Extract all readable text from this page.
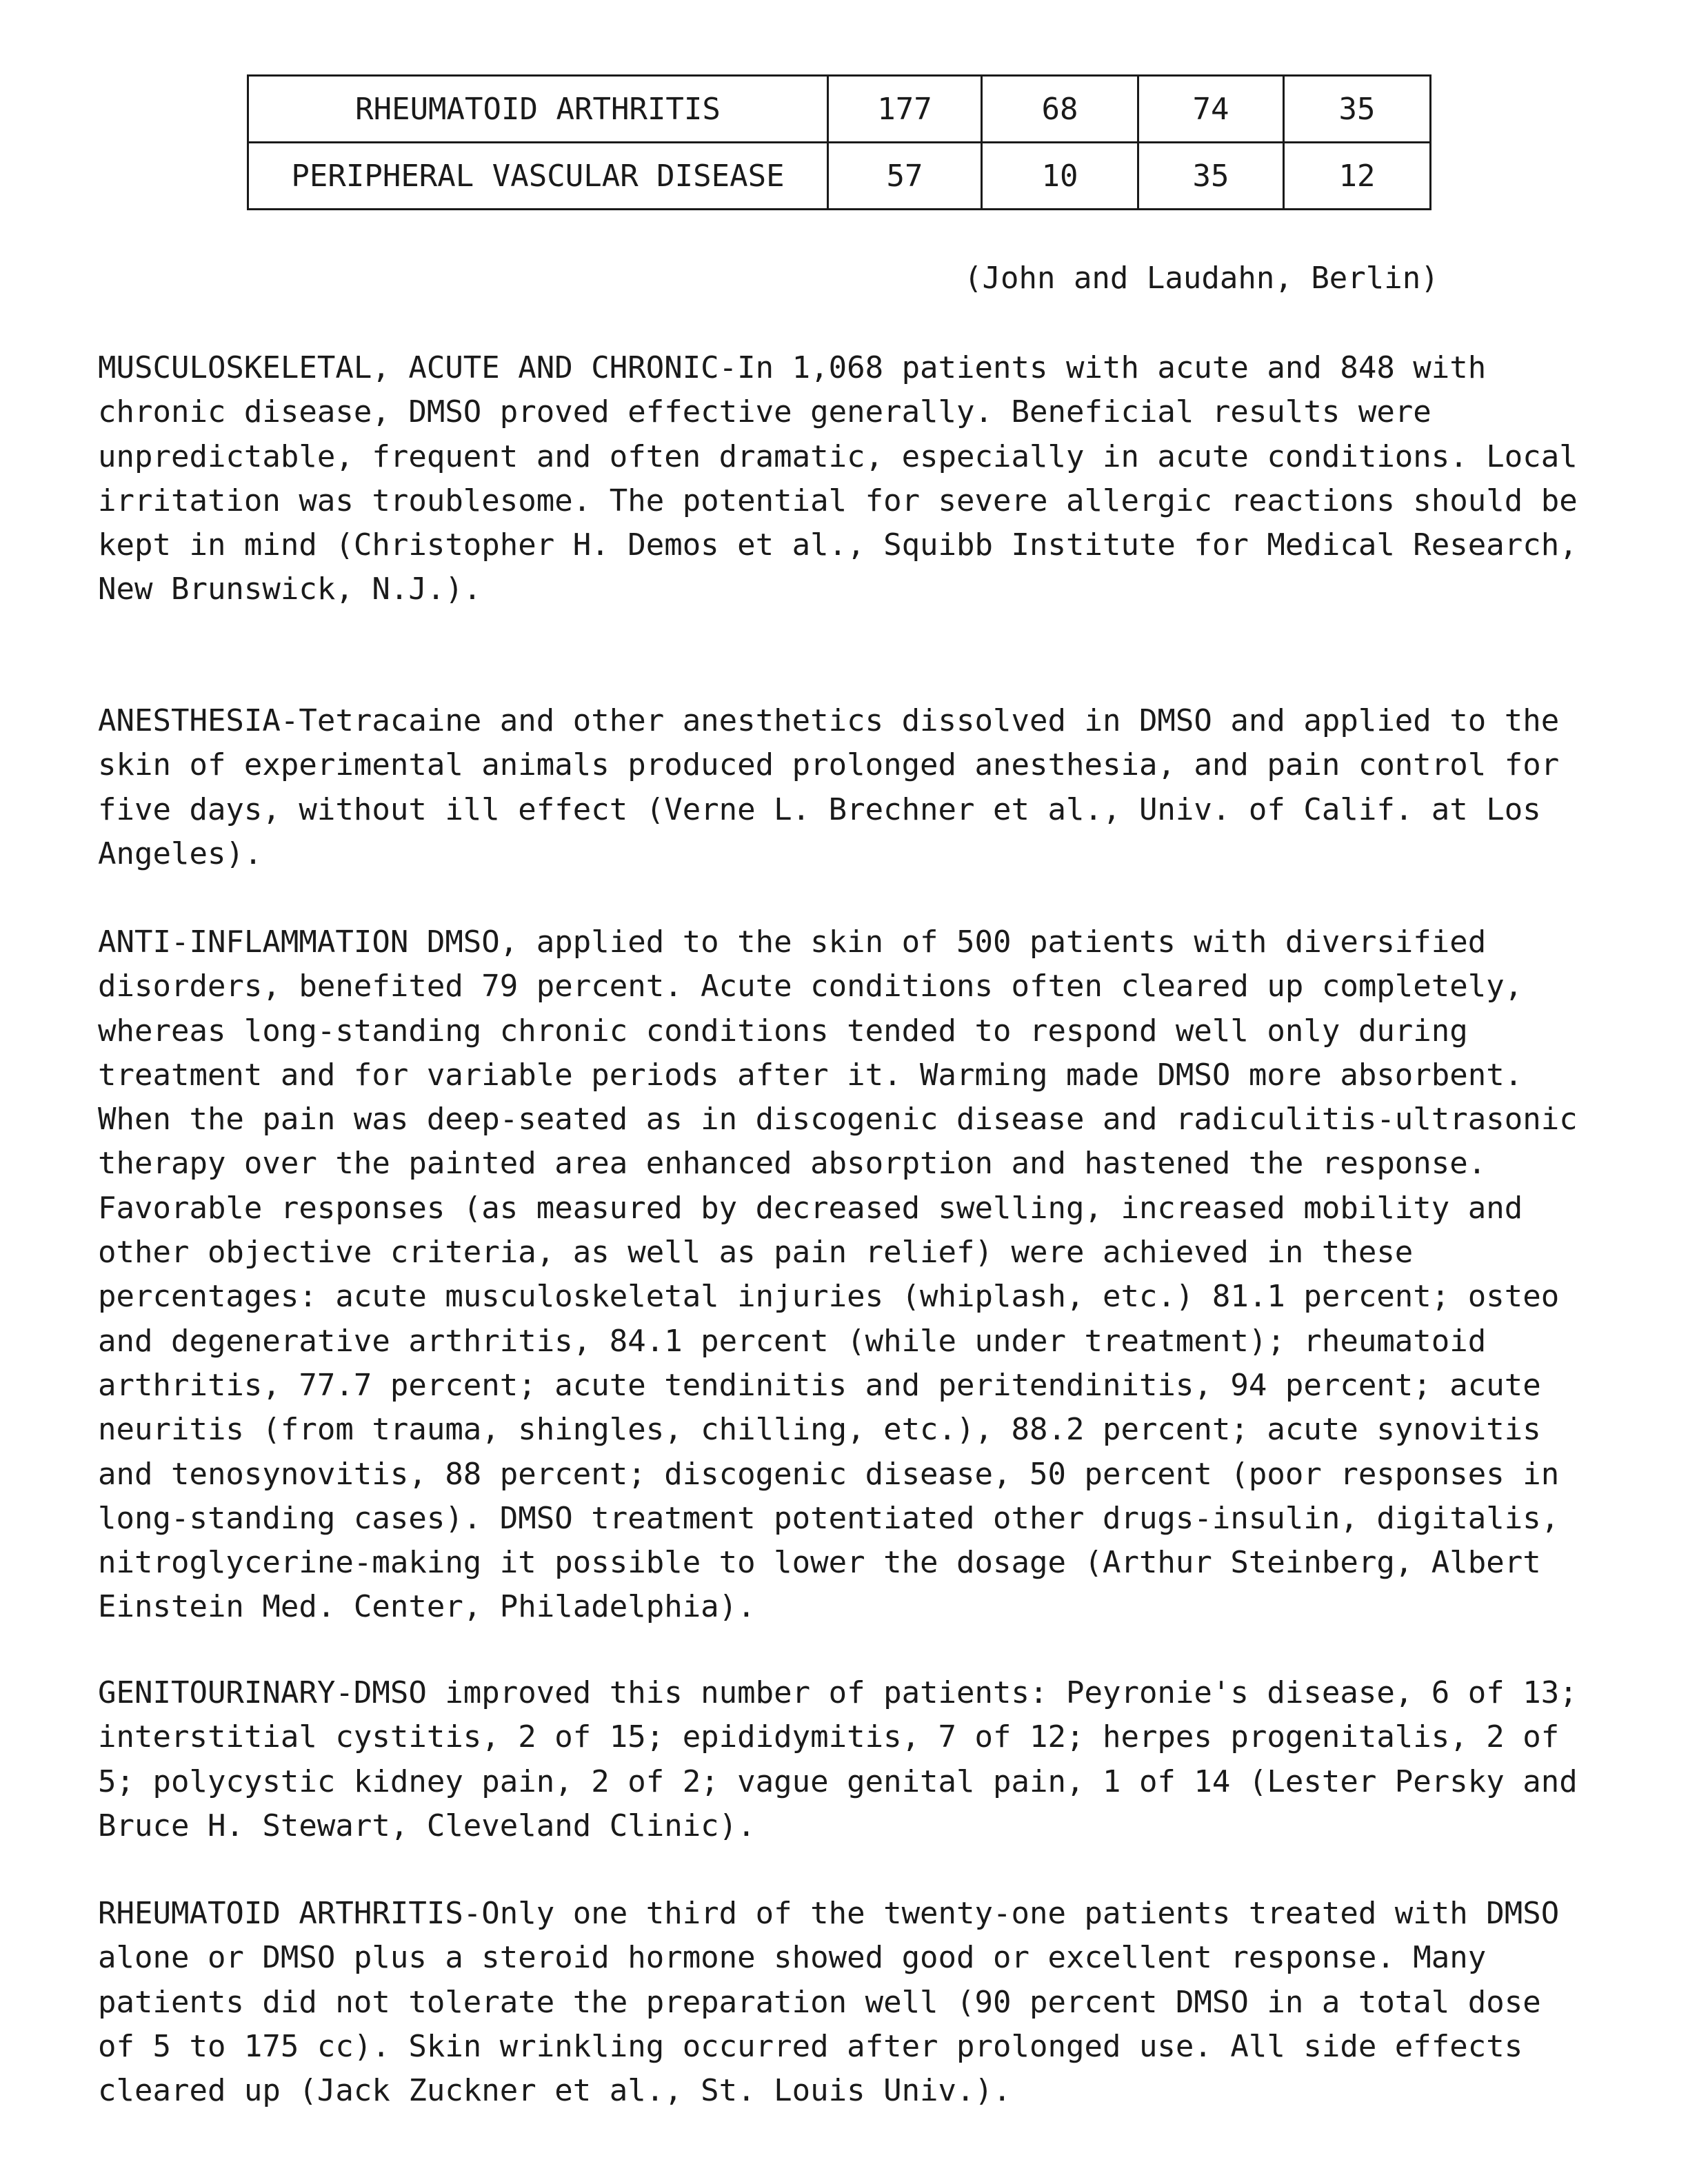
RHEUMATOID ARTHRITIS	177	68	74	35
PERIPHERAL VASCULAR DISEASE	57	10	35	12
(John and Laudahn, Berlin)

MUSCULOSKELETAL, ACUTE AND CHRONIC-In 1,068 patients with acute and 848 with
chronic disease, DMSO proved effective generally. Beneficial results were
unpredictable, frequent and often dramatic, especially in acute conditions. Local
irritation was troublesome. The potential for severe allergic reactions should be
kept in mind (Christopher H. Demos et al., Squibb Institute for Medical Research,
New Brunswick, N.J.).

ANESTHESIA-Tetracaine and other anesthetics dissolved in DMSO and applied to the
skin of experimental animals produced prolonged anesthesia, and pain control for
five days, without ill effect (Verne L. Brechner et al., Univ. of Calif. at Los
Angeles).

ANTI-INFLAMMATION DMSO, applied to the skin of 500 patients with diversified
disorders, benefited 79 percent. Acute conditions often cleared up completely,
whereas long-standing chronic conditions tended to respond well only during
treatment and for variable periods after it. Warming made DMSO more absorbent.
When the pain was deep-seated as in discogenic disease and radiculitis-ultrasonic
therapy over the painted area enhanced absorption and hastened the response.
Favorable responses (as measured by decreased swelling, increased mobility and
other objective criteria, as well as pain relief) were achieved in these
percentages: acute musculoskeletal injuries (whiplash, etc.) 81.1 percent; osteo
and degenerative arthritis, 84.1 percent (while under treatment); rheumatoid
arthritis, 77.7 percent; acute tendinitis and peritendinitis, 94 percent; acute
neuritis (from trauma, shingles, chilling, etc.), 88.2 percent; acute synovitis
and tenosynovitis, 88 percent; discogenic disease, 50 percent (poor responses in
long-standing cases). DMSO treatment potentiated other drugs-insulin, digitalis,
nitroglycerine-making it possible to lower the dosage (Arthur Steinberg, Albert
Einstein Med. Center, Philadelphia).

GENITOURINARY-DMSO improved this number of patients: Peyronie's disease, 6 of 13;
interstitial cystitis, 2 of 15; epididymitis, 7 of 12; herpes progenitalis, 2 of
5; polycystic kidney pain, 2 of 2; vague genital pain, 1 of 14 (Lester Persky and
Bruce H. Stewart, Cleveland Clinic).

RHEUMATOID ARTHRITIS-Only one third of the twenty-one patients treated with DMSO
alone or DMSO plus a steroid hormone showed good or excellent response. Many
patients did not tolerate the preparation well (90 percent DMSO in a total dose
of 5 to 175 cc). Skin wrinkling occurred after prolonged use. All side effects
cleared up (Jack Zuckner et al., St. Louis Univ.).
